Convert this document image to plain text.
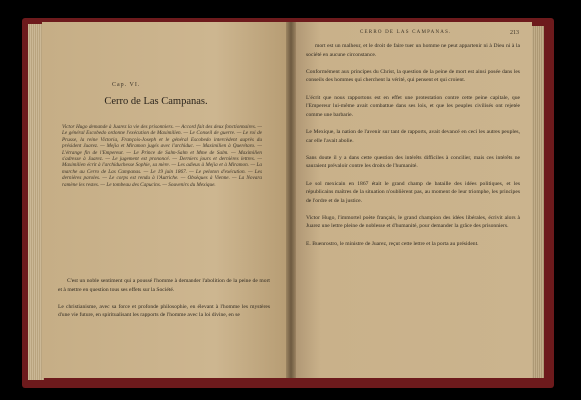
Cap. VI.
Cerro de Las Campanas.
Victor Hugo demande à Juarez la vie des prisonniers. — Accord fait des deux fonctionnaires. — Le général Escobedo ordonne l'exécution de Maximilien. — Le Conseil de guerre. — Le roi de Prusse, la reine Victoria, François-Joseph et le général Escobedo intercèdent auprès du président Juarez. — Mejia et Miramon jugés avec l'archiduc. — Maximilien à Querétaro. — L'étrange fin de l'Empereur. — Le Prince de Salm-Salm et Mme de Salm. — Maximilien s'adresse à Juarez. — Le jugement est prononcé. — Derniers jours et dernières lettres. — Maximilien écrit à l'archiduchesse Sophie, sa mère. — Les adieux à Mejia et à Miramon. — La marche au Cerro de Las Campanas. — Le 19 juin 1867. — Le peloton d'exécution. — Les dernières paroles. — Le corps est rendu à l'Autriche. — Obsèques à Vienne. — La Novara ramène les restes. — Le tombeau des Capucins. — Souvenirs du Mexique.

C'est un noble sentiment qui a poussé l'homme à demander l'abolition de la peine de mort et à mettre en question tous ses effets sur la Société.

Le christianisme, avec sa force et profonde philosophie, en élevant à l'homme les mystères d'une vie future, en spiritualisant les rapports de l'homme avec la loi divine, en se

CERRO DE LAS CAMPANAS.	213

mort est un malheur, et le droit de faire tuer un homme ne peut appartenir ni à Dieu ni à la société en aucune circonstance.

Conformément aux principes du Christ, la question de la peine de mort est ainsi posée dans les conseils des hommes qui cherchent la vérité, qui pensent et qui croient.

L'écrit que nous rapportons est en effet une protestation contre cette peine capitale, que l'Empereur lui-même avait combattue dans ses lois, et que les peuples civilisés ont rejetée comme une barbarie.

Le Mexique, la nation de l'avenir sur tant de rapports, avait devancé en ceci les autres peuples, car elle l'avait abolie.

Sans doute il y a dans cette question des intérêts difficiles à concilier, mais ces intérêts ne sauraient prévaloir contre les droits de l'humanité.

Le sol mexicain en 1867 était le grand champ de bataille des idées politiques, et les républicains maîtres de la situation n'oublièrent pas, au moment de leur triomphe, les principes de l'ordre et de la justice.

Victor Hugo, l'immortel poète français, le grand champion des idées libérales, écrivit alors à Juarez une lettre pleine de noblesse et d'humanité, pour demander la grâce des prisonniers.

E. Buenrostro, le ministre de Juarez, reçut cette lettre et la porta au président.
